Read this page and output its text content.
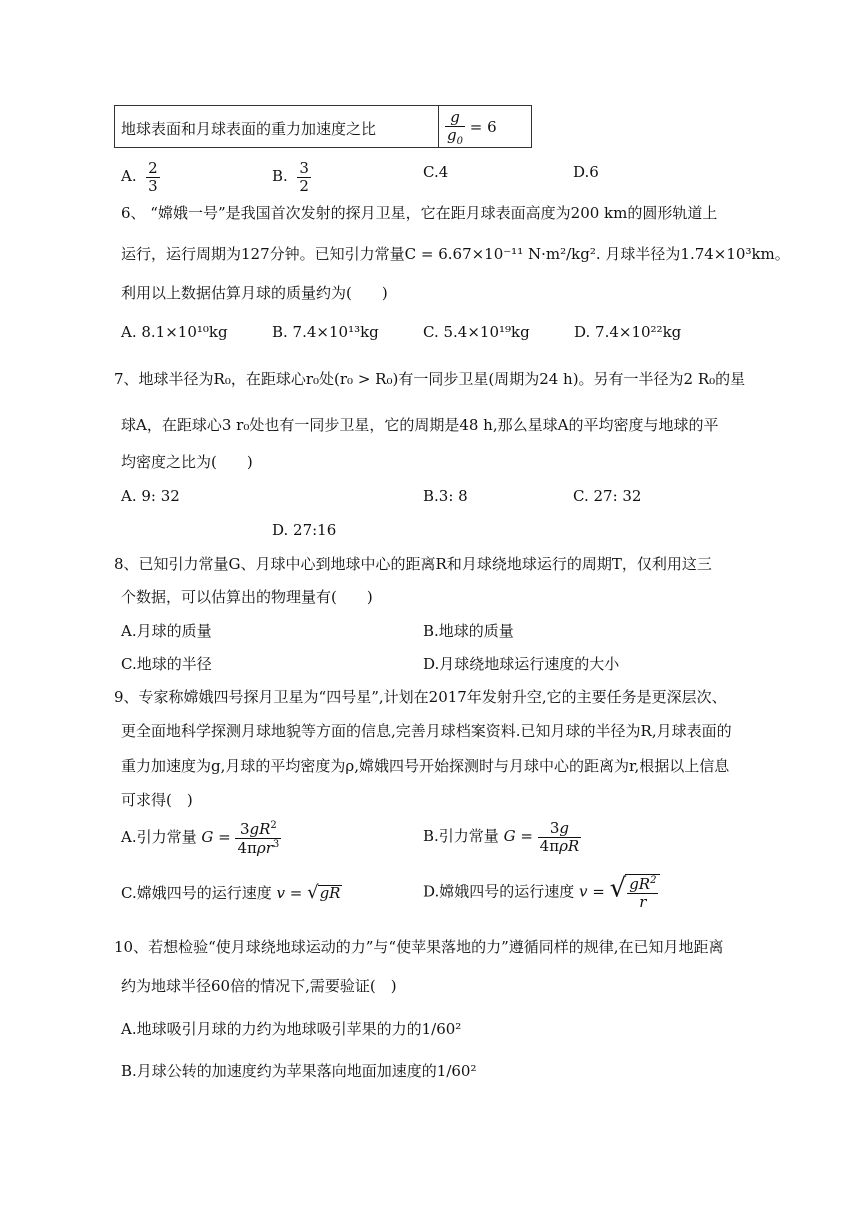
地球表面和月球表面的重力加速度之比	$\frac{g}{g_0} = 6$
A. $\frac{2}{3}$	B. $\frac{3}{2}$	C.4	D.6
6、 “嫦娥一号”是我国首次发射的探月卫星，它在距月球表面高度为200 km的圆形轨道上
运行，运行周期为127分钟。已知引力常量C = 6.67×10⁻¹¹ N·m²/kg². 月球半径为1.74×10³km。
利用以上数据估算月球的质量约为(　　)
A. 8.1×10¹⁰kg	B. 7.4×10¹³kg	C. 5.4×10¹⁹kg	D. 7.4×10²²kg
7、地球半径为R₀，在距球心r₀处(r₀ > R₀)有一同步卫星(周期为24 h)。另有一半径为2 R₀的星
球A，在距球心3 r₀处也有一同步卫星，它的周期是48 h,那么星球A的平均密度与地球的平
均密度之比为(　　)
A. 9: 32	B.3: 8	C. 27: 32
D. 27:16
8、已知引力常量G、月球中心到地球中心的距离R和月球绕地球运行的周期T，仅利用这三
个数据，可以估算出的物理量有(　　)
A.月球的质量	B.地球的质量
C.地球的半径	D.月球绕地球运行速度的大小
9、专家称嫦娥四号探月卫星为“四号星”,计划在2017年发射升空,它的主要任务是更深层次、
更全面地科学探测月球地貌等方面的信息,完善月球档案资料.已知月球的半径为R,月球表面的
重力加速度为g,月球的平均密度为ρ,嫦娥四号开始探测时与月球中心的距离为r,根据以上信息
可求得(　)
A.引力常量 $G = \frac{3gR^2}{4\pi\rho r^3}$	B.引力常量 $G = \frac{3g}{\text{4πρR}}$
C.嫦娥四号的运行速度 v = √gR	D.嫦娥四号的运行速度 v = √ $\frac{gR^2}{r}$
10、若想检验“使月球绕地球运动的力”与“使苹果落地的力”遵循同样的规律,在已知月地距离
约为地球半径60倍的情况下,需要验证(　)
A.地球吸引月球的力约为地球吸引苹果的力的1/60²
B.月球公转的加速度约为苹果落向地面加速度的1/60²
